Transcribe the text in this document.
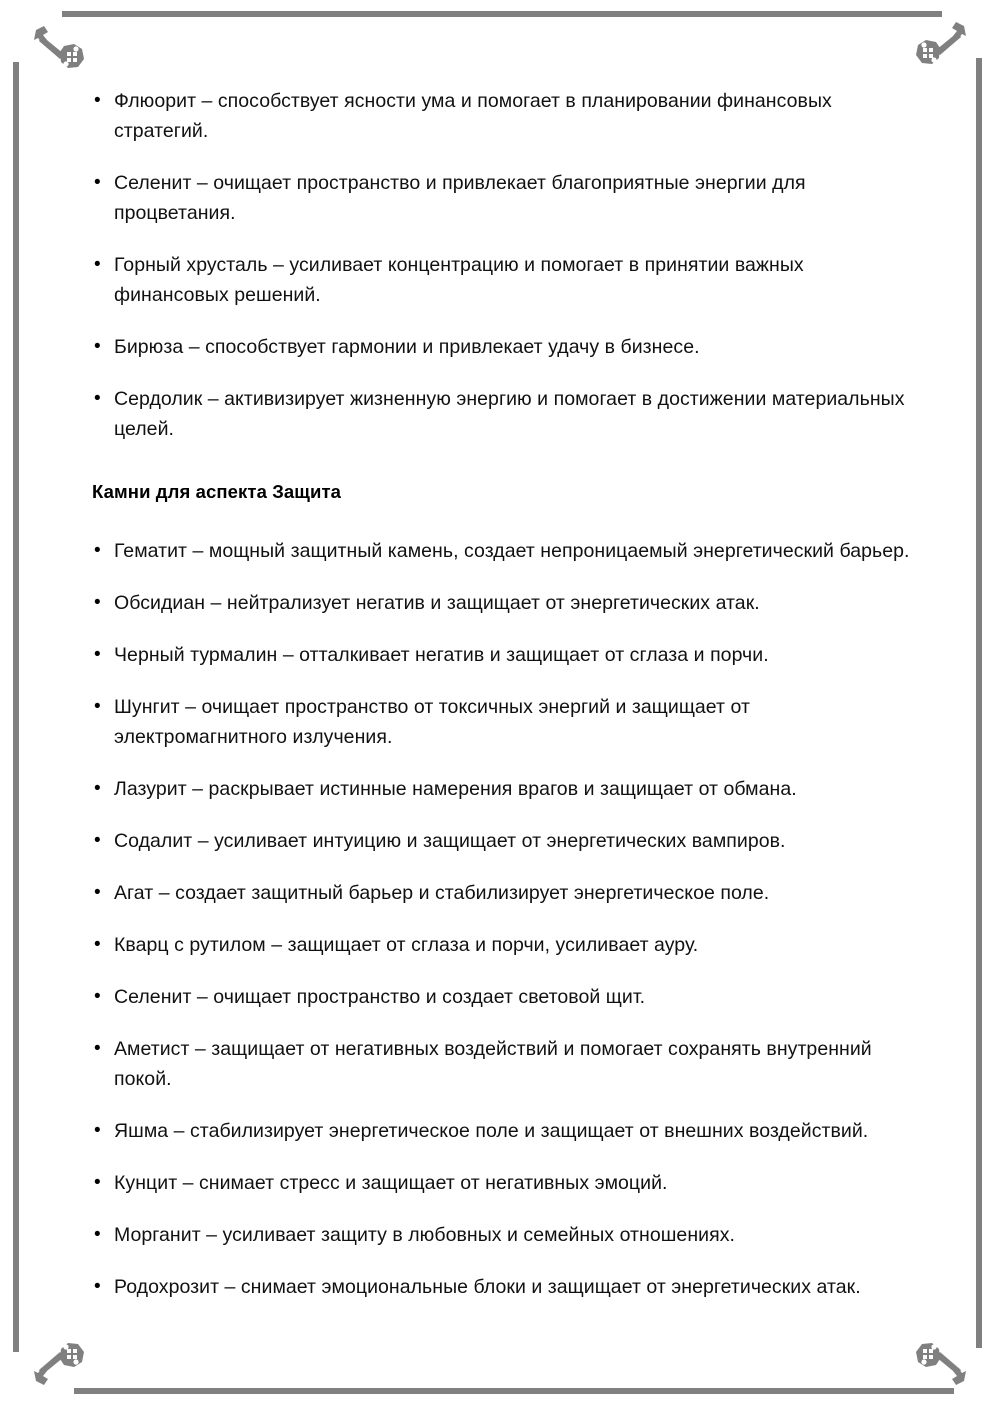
• Флюорит – способствует ясности ума и помогает в планировании финансовых стратегий.
• Селенит – очищает пространство и привлекает благоприятные энергии для процветания.
• Горный хрусталь – усиливает концентрацию и помогает в принятии важных финансовых решений.
• Бирюза – способствует гармонии и привлекает удачу в бизнесе.
• Сердолик – активизирует жизненную энергию и помогает в достижении материальных целей.
Камни для аспекта Защита
• Гематит – мощный защитный камень, создает непроницаемый энергетический барьер.
• Обсидиан – нейтрализует негатив и защищает от энергетических атак.
• Черный турмалин – отталкивает негатив и защищает от сглаза и порчи.
• Шунгит – очищает пространство от токсичных энергий и защищает от электромагнитного излучения.
• Лазурит – раскрывает истинные намерения врагов и защищает от обмана.
• Содалит – усиливает интуицию и защищает от энергетических вампиров.
• Агат – создает защитный барьер и стабилизирует энергетическое поле.
• Кварц с рутилом – защищает от сглаза и порчи, усиливает ауру.
• Селенит – очищает пространство и создает световой щит.
• Аметист – защищает от негативных воздействий и помогает сохранять внутренний покой.
• Яшма – стабилизирует энергетическое поле и защищает от внешних воздействий.
• Кунцит – снимает стресс и защищает от негативных эмоций.
• Морганит – усиливает защиту в любовных и семейных отношениях.
• Родохрозит – снимает эмоциональные блоки и защищает от энергетических атак.
